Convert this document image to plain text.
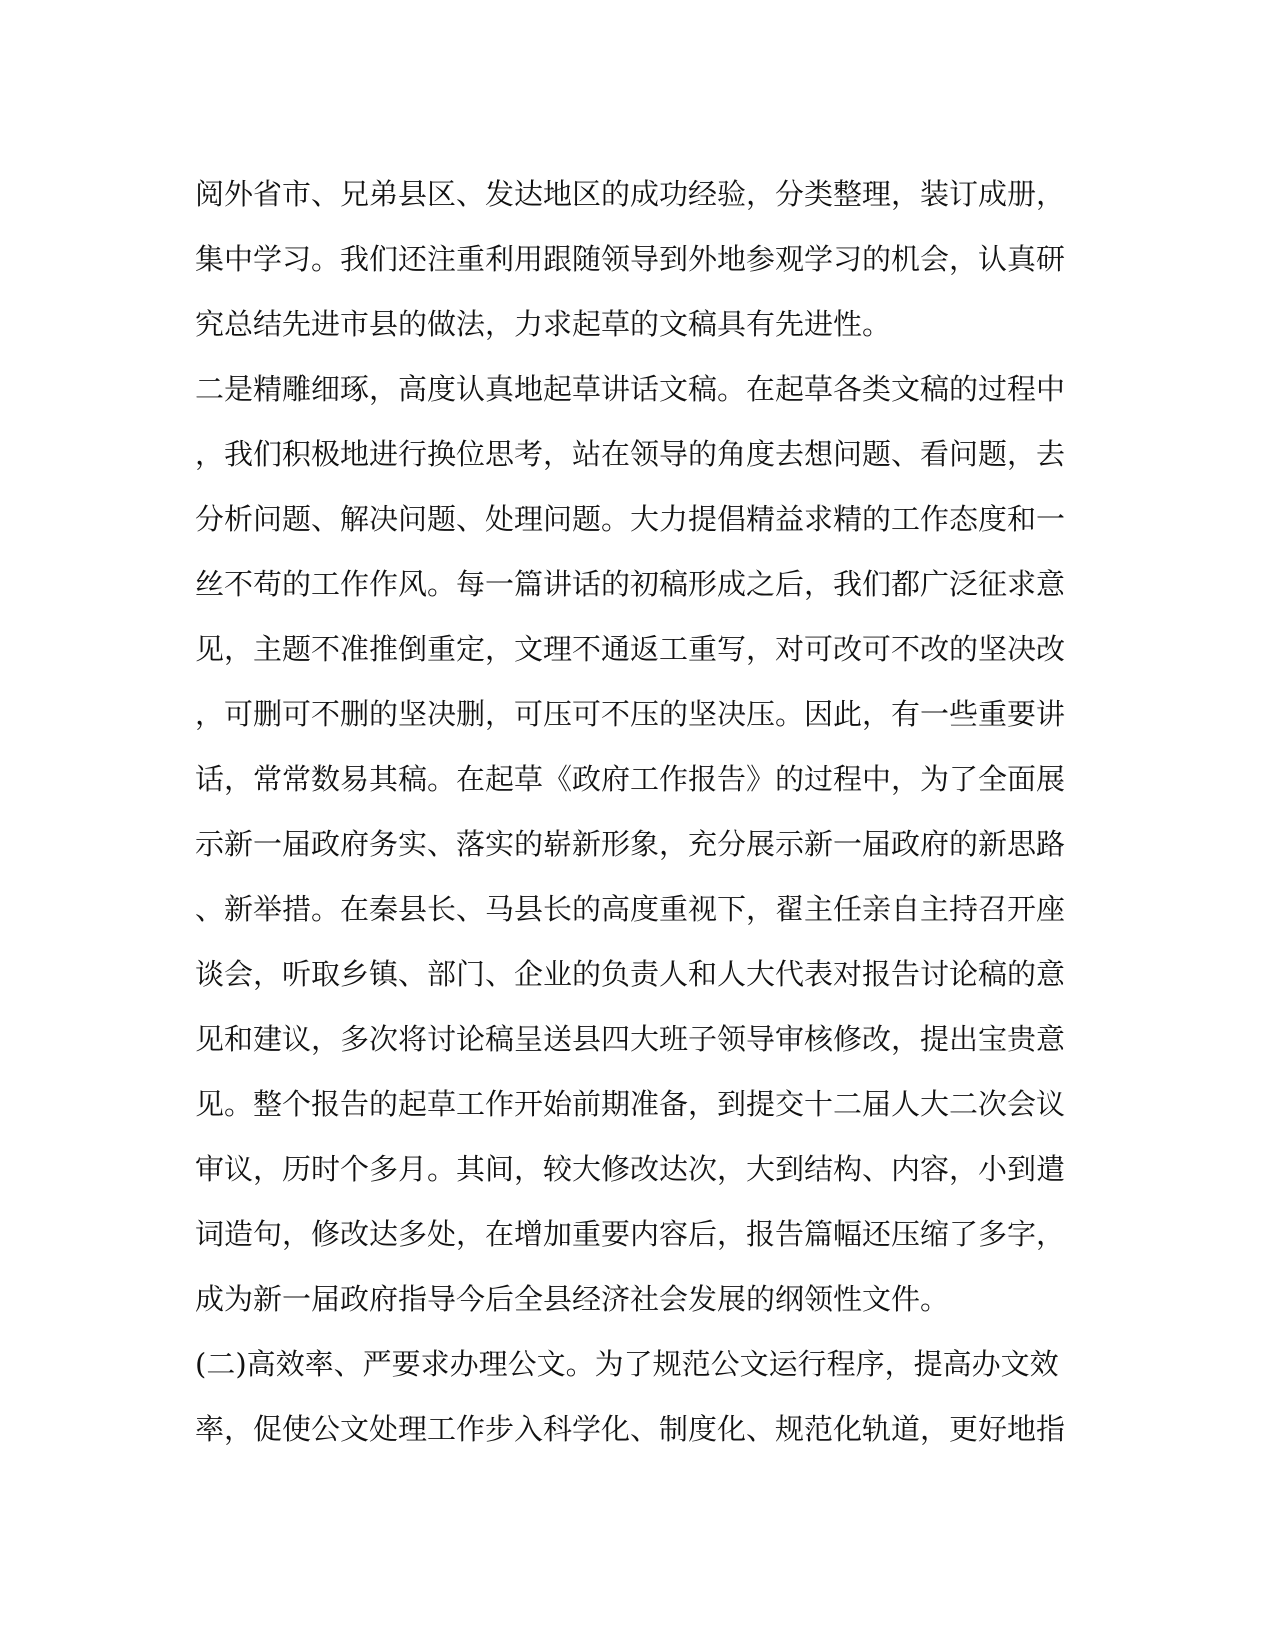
阅外省市、兄弟县区、发达地区的成功经验，分类整理，装订成册，
集中学习。我们还注重利用跟随领导到外地参观学习的机会，认真研
究总结先进市县的做法，力求起草的文稿具有先进性。
二是精雕细琢，高度认真地起草讲话文稿。在起草各类文稿的过程中
，我们积极地进行换位思考，站在领导的角度去想问题、看问题，去
分析问题、解决问题、处理问题。大力提倡精益求精的工作态度和一
丝不苟的工作作风。每一篇讲话的初稿形成之后，我们都广泛征求意
见，主题不准推倒重定，文理不通返工重写，对可改可不改的坚决改
，可删可不删的坚决删，可压可不压的坚决压。因此，有一些重要讲
话，常常数易其稿。在起草《政府工作报告》的过程中，为了全面展
示新一届政府务实、落实的崭新形象，充分展示新一届政府的新思路
、新举措。在秦县长、马县长的高度重视下，翟主任亲自主持召开座
谈会，听取乡镇、部门、企业的负责人和人大代表对报告讨论稿的意
见和建议，多次将讨论稿呈送县四大班子领导审核修改，提出宝贵意
见。整个报告的起草工作开始前期准备，到提交十二届人大二次会议
审议，历时个多月。其间，较大修改达次，大到结构、内容，小到遣
词造句，修改达多处，在增加重要内容后，报告篇幅还压缩了多字，
成为新一届政府指导今后全县经济社会发展的纲领性文件。
(二)高效率、严要求办理公文。为了规范公文运行程序，提高办文效
率，促使公文处理工作步入科学化、制度化、规范化轨道，更好地指
